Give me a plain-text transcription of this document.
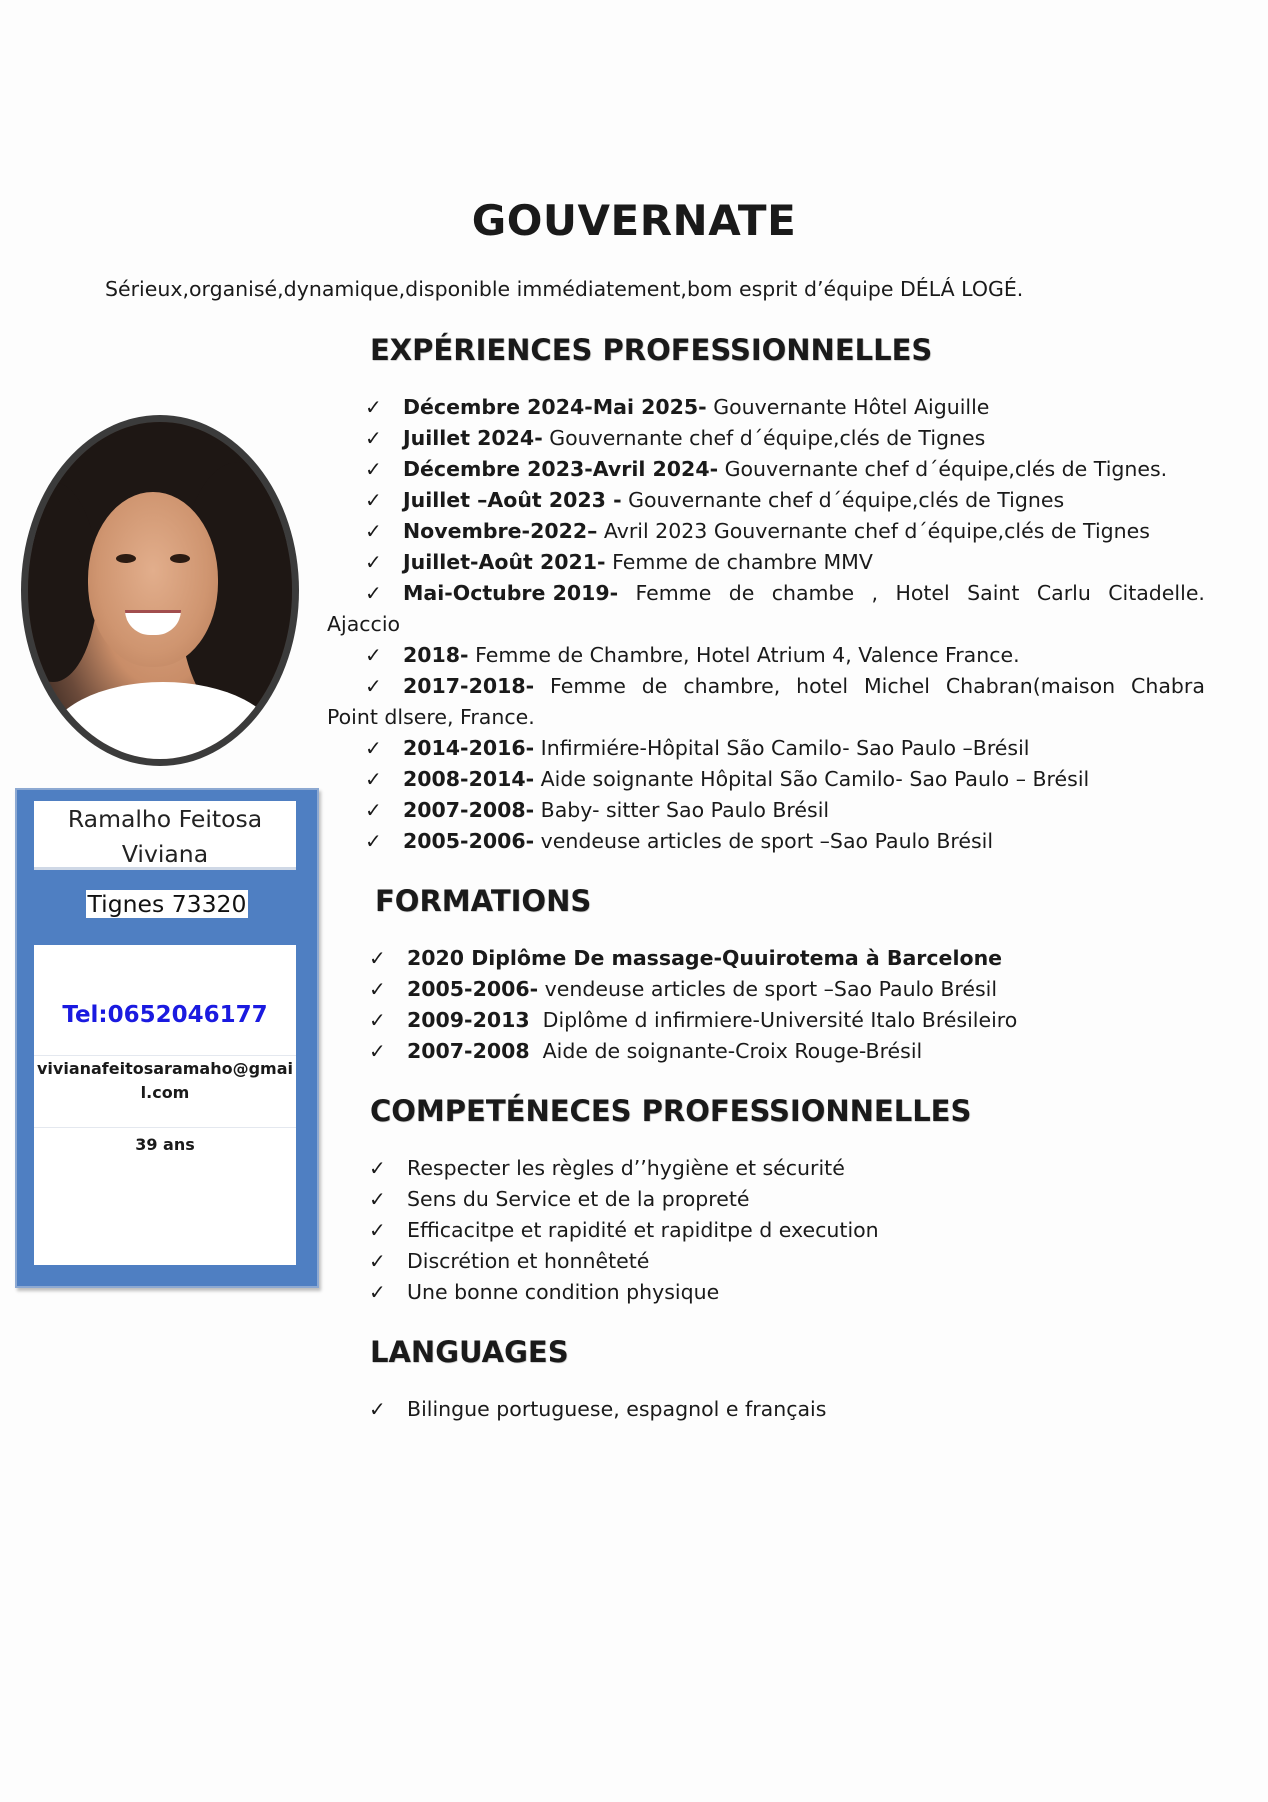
GOUVERNATE

Sérieux,organisé,dynamique,disponible immédiatement,bom esprit d’équipe DÉLÁ LOGÉ.

EXPÉRIENCES PROFESSIONNELLES
✓	Décembre 2024-Mai 2025- Gouvernante Hôtel Aiguille
✓	Juillet 2024- Gouvernante chef d´équipe,clés de Tignes
✓	Décembre 2023-Avril 2024- Gouvernante chef d´équipe,clés de Tignes.
✓	Juillet –Août 2023 - Gouvernante chef d´équipe,clés de Tignes
✓	Novembre-2022– Avril 2023 Gouvernante chef d´équipe,clés de Tignes
✓	Juillet-Août 2021- Femme de chambre MMV
✓ Mai-Octubre 2019- Femme de chambe , Hotel Saint Carlu Citadelle.
Ajaccio
✓	2018- Femme de Chambre, Hotel Atrium 4, Valence France.
✓ 2017-2018- Femme de chambre, hotel Michel Chabran(maison Chabra
Point dlsere, France.
✓	2014-2016- Infirmiére-Hôpital São Camilo- Sao Paulo –Brésil
✓	2008-2014- Aide soignante Hôpital São Camilo- Sao Paulo – Brésil
✓	2007-2008- Baby- sitter Sao Paulo Brésil
✓	2005-2006- vendeuse articles de sport –Sao Paulo Brésil
FORMATIONS
✓	2020 Diplôme De massage-Quuirotema à Barcelone
✓	2005-2006- vendeuse articles de sport –Sao Paulo Brésil
✓	2009-2013  Diplôme d infirmiere-Université Italo Brésileiro
✓	2007-2008  Aide de soignante-Croix Rouge-Brésil
COMPETÉNECES PROFESSIONNELLES
✓	Respecter les règles d’’hygiène et sécurité
✓	Sens du Service et de la propreté
✓	Efficacitpe et rapidité et rapiditpe d execution
✓	Discrétion et honnêteté
✓	Une bonne condition physique
LANGUAGES
✓	Bilingue portuguese, espagnol e français
Ramalho Feitosa
Viviana
Tignes 73320
Tel:0652046177
vivianafeitosaramaho@gmail.com
39 ans
